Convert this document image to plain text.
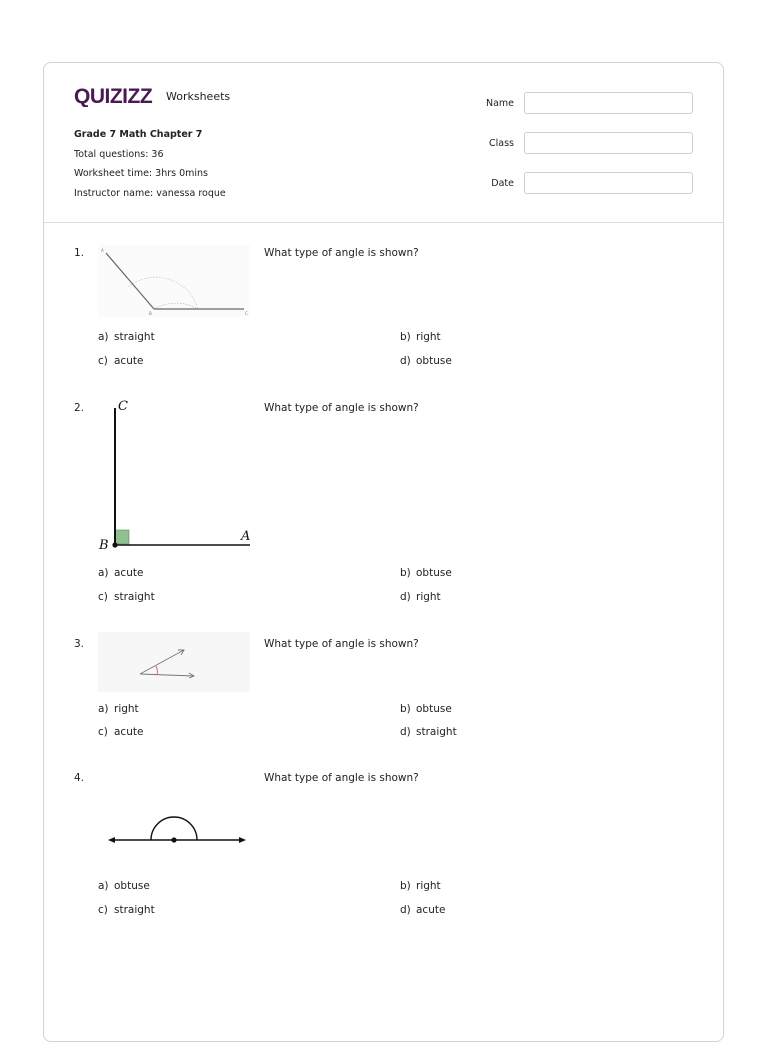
QUIZIZZ Worksheets
Grade 7 Math Chapter 7
Total questions: 36
Worksheet time: 3hrs 0mins
Instructor name: vanessa roque
Name
Class
Date
1.	A
B	C
What type of angle is shown?
a) straight	b) right
c) acute	d) obtuse
2.	C
B
A
What type of angle is shown?
a) acute	b) obtuse
c) straight	d) right
3.	What type of angle is shown?
a) right	b) obtuse
c) acute	d) straight
4.	What type of angle is shown?
a) obtuse	b) right
c) straight	d) acute
